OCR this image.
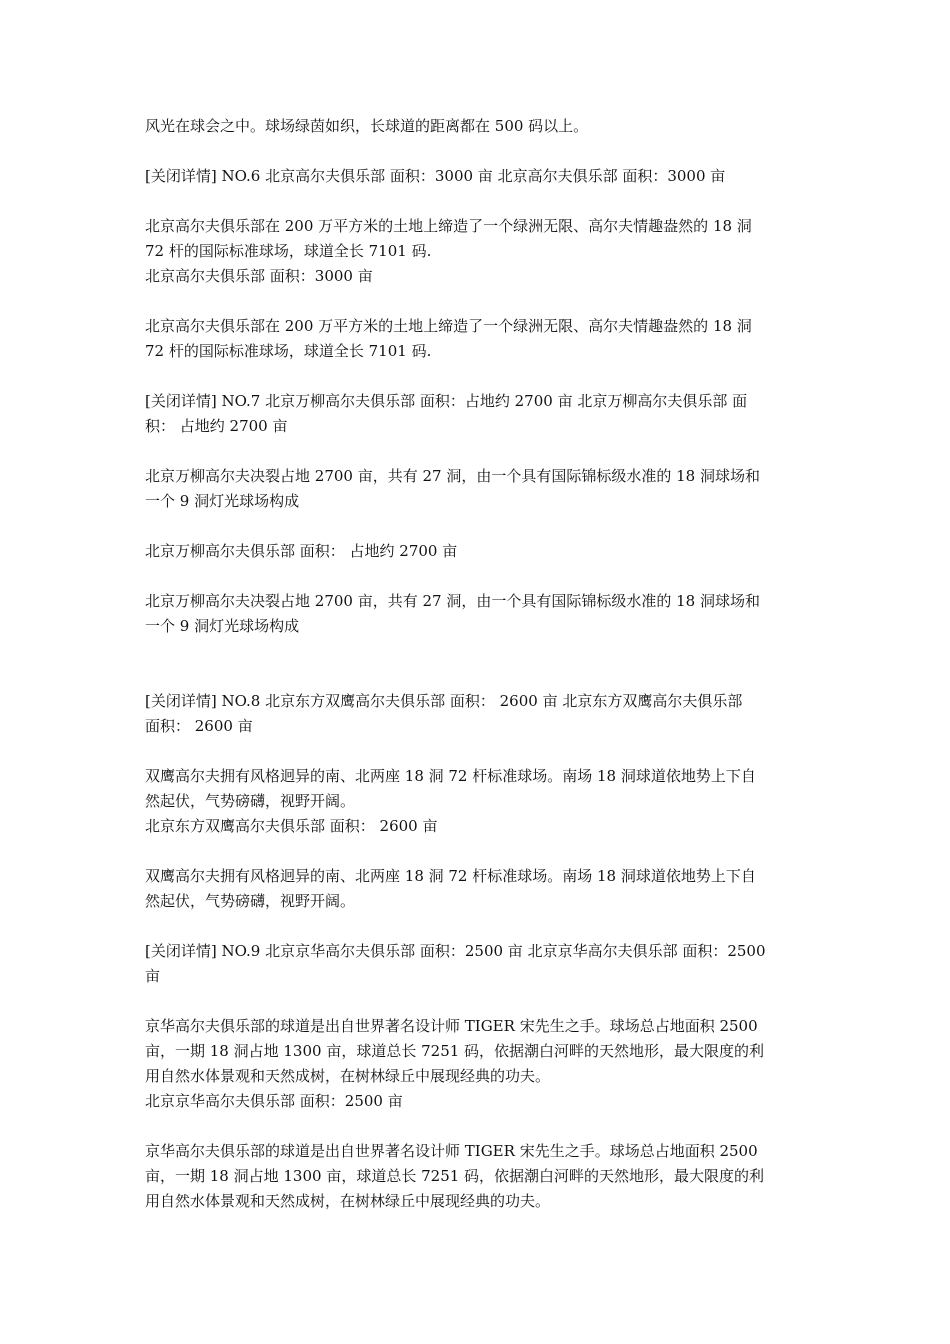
风光在球会之中。球场绿茵如织，长球道的距离都在 500 码以上。

[关闭详情] NO.6 北京高尔夫俱乐部 面积：3000 亩 北京高尔夫俱乐部 面积：3000 亩

北京高尔夫俱乐部在 200 万平方米的土地上缔造了一个绿洲无限、高尔夫情趣盎然的 18 洞
72 杆的国际标准球场，球道全长 7101 码.

北京高尔夫俱乐部 面积：3000 亩

北京高尔夫俱乐部在 200 万平方米的土地上缔造了一个绿洲无限、高尔夫情趣盎然的 18 洞
72 杆的国际标准球场，球道全长 7101 码.

[关闭详情] NO.7 北京万柳高尔夫俱乐部 面积：占地约 2700 亩 北京万柳高尔夫俱乐部 面
积： 占地约 2700 亩

北京万柳高尔夫决裂占地 2700 亩，共有 27 洞，由一个具有国际锦标级水准的 18 洞球场和
一个 9 洞灯光球场构成

北京万柳高尔夫俱乐部 面积： 占地约 2700 亩

北京万柳高尔夫决裂占地 2700 亩，共有 27 洞，由一个具有国际锦标级水准的 18 洞球场和
一个 9 洞灯光球场构成

[关闭详情] NO.8 北京东方双鹰高尔夫俱乐部 面积： 2600 亩 北京东方双鹰高尔夫俱乐部
面积： 2600 亩

双鹰高尔夫拥有风格迥异的南、北两座 18 洞 72 杆标准球场。南场 18 洞球道依地势上下自
然起伏，气势磅礴，视野开阔。

北京东方双鹰高尔夫俱乐部 面积： 2600 亩

双鹰高尔夫拥有风格迥异的南、北两座 18 洞 72 杆标准球场。南场 18 洞球道依地势上下自
然起伏，气势磅礴，视野开阔。

[关闭详情] NO.9 北京京华高尔夫俱乐部 面积：2500 亩 北京京华高尔夫俱乐部 面积：2500
亩

京华高尔夫俱乐部的球道是出自世界著名设计师 TIGER 宋先生之手。球场总占地面积 2500
亩，一期 18 洞占地 1300 亩，球道总长 7251 码，依据潮白河畔的天然地形，最大限度的利
用自然水体景观和天然成树，在树林绿丘中展现经典的功夫。

北京京华高尔夫俱乐部 面积：2500 亩

京华高尔夫俱乐部的球道是出自世界著名设计师 TIGER 宋先生之手。球场总占地面积 2500
亩，一期 18 洞占地 1300 亩，球道总长 7251 码，依据潮白河畔的天然地形，最大限度的利
用自然水体景观和天然成树，在树林绿丘中展现经典的功夫。
